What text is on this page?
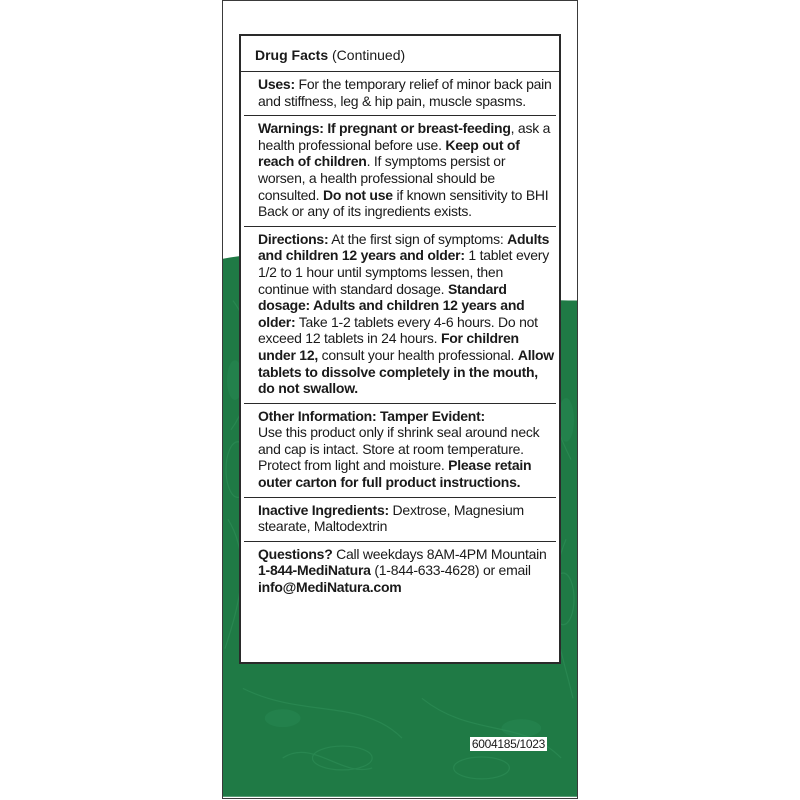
Drug Facts (Continued)
Uses: For the temporary relief of minor back pain and stiffness, leg & hip pain, muscle spasms.
Warnings: If pregnant or breast-feeding, ask a health professional before use. Keep out of reach of children. If symptoms persist or worsen, a health professional should be consulted. Do not use if known sensitivity to BHI Back or any of its ingredients exists.
Directions: At the first sign of symptoms: Adults and children 12 years and older: 1 tablet every 1/2 to 1 hour until symptoms lessen, then continue with standard dosage. Standard dosage: Adults and children 12 years and older: Take 1-2 tablets every 4-6 hours. Do not exceed 12 tablets in 24 hours. For children under 12, consult your health professional. Allow tablets to dissolve completely in the mouth, do not swallow.
Other Information: Tamper Evident:
Use this product only if shrink seal around neck and cap is intact. Store at room temperature. Protect from light and moisture. Please retain outer carton for full product instructions.
Inactive Ingredients: Dextrose, Magnesium stearate, Maltodextrin
Questions? Call weekdays 8AM-4PM Mountain 1-844-MediNatura (1-844-633-4628) or email info@MediNatura.com
6004185/1023
